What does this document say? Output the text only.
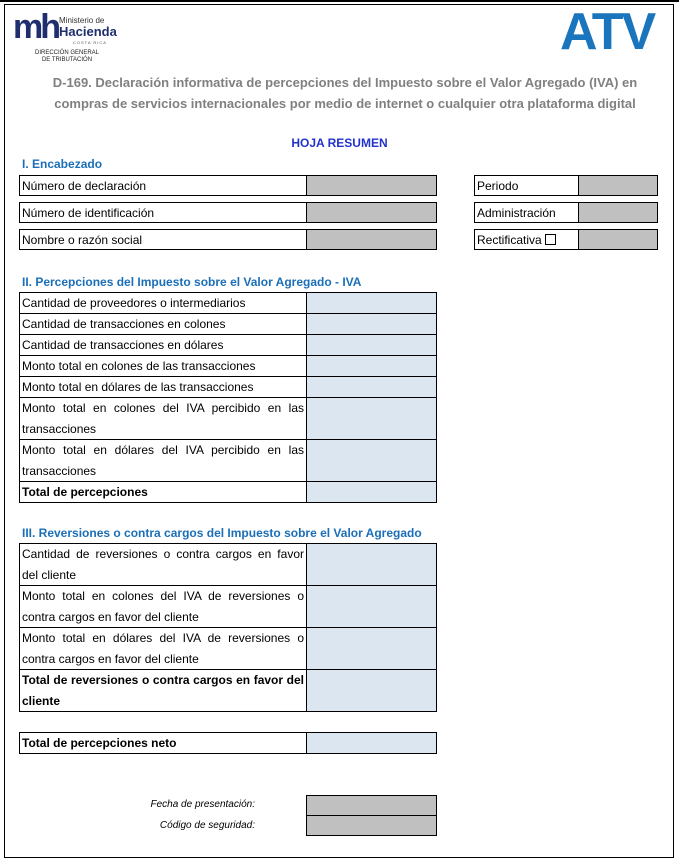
mh Ministerio de
Hacienda
COSTA RICA
DIRECCIÓN GENERAL
DE TRIBUTACIÓN	ATV
D-169. Declaración informativa de percepciones del Impuesto sobre el Valor Agregado (IVA) en
compras de servicios internacionales por medio de internet o cualquier otra plataforma digital
HOJA RESUMEN
I. Encabezado
Número de declaración
Número de identificación
Nombre o razón social
Periodo
Administración
Rectificativa
II. Percepciones del Impuesto sobre el Valor Agregado - IVA
Cantidad de proveedores o intermediarios
Cantidad de transacciones en colones
Cantidad de transacciones en dólares
Monto total en colones de las transacciones
Monto total en dólares de las transacciones
Monto total en colones del IVA percibido en las transacciones
Monto total en dólares del IVA percibido en las transacciones
Total de percepciones
III. Reversiones o contra cargos del Impuesto sobre el Valor Agregado
Cantidad de reversiones o contra cargos en favor del cliente
Monto total en colones del IVA de reversiones o contra cargos en favor del cliente
Monto total en dólares del IVA de reversiones o contra cargos en favor del cliente
Total de reversiones o contra cargos en favor del cliente
Total de percepciones neto
Fecha de presentación:
Código de seguridad:
